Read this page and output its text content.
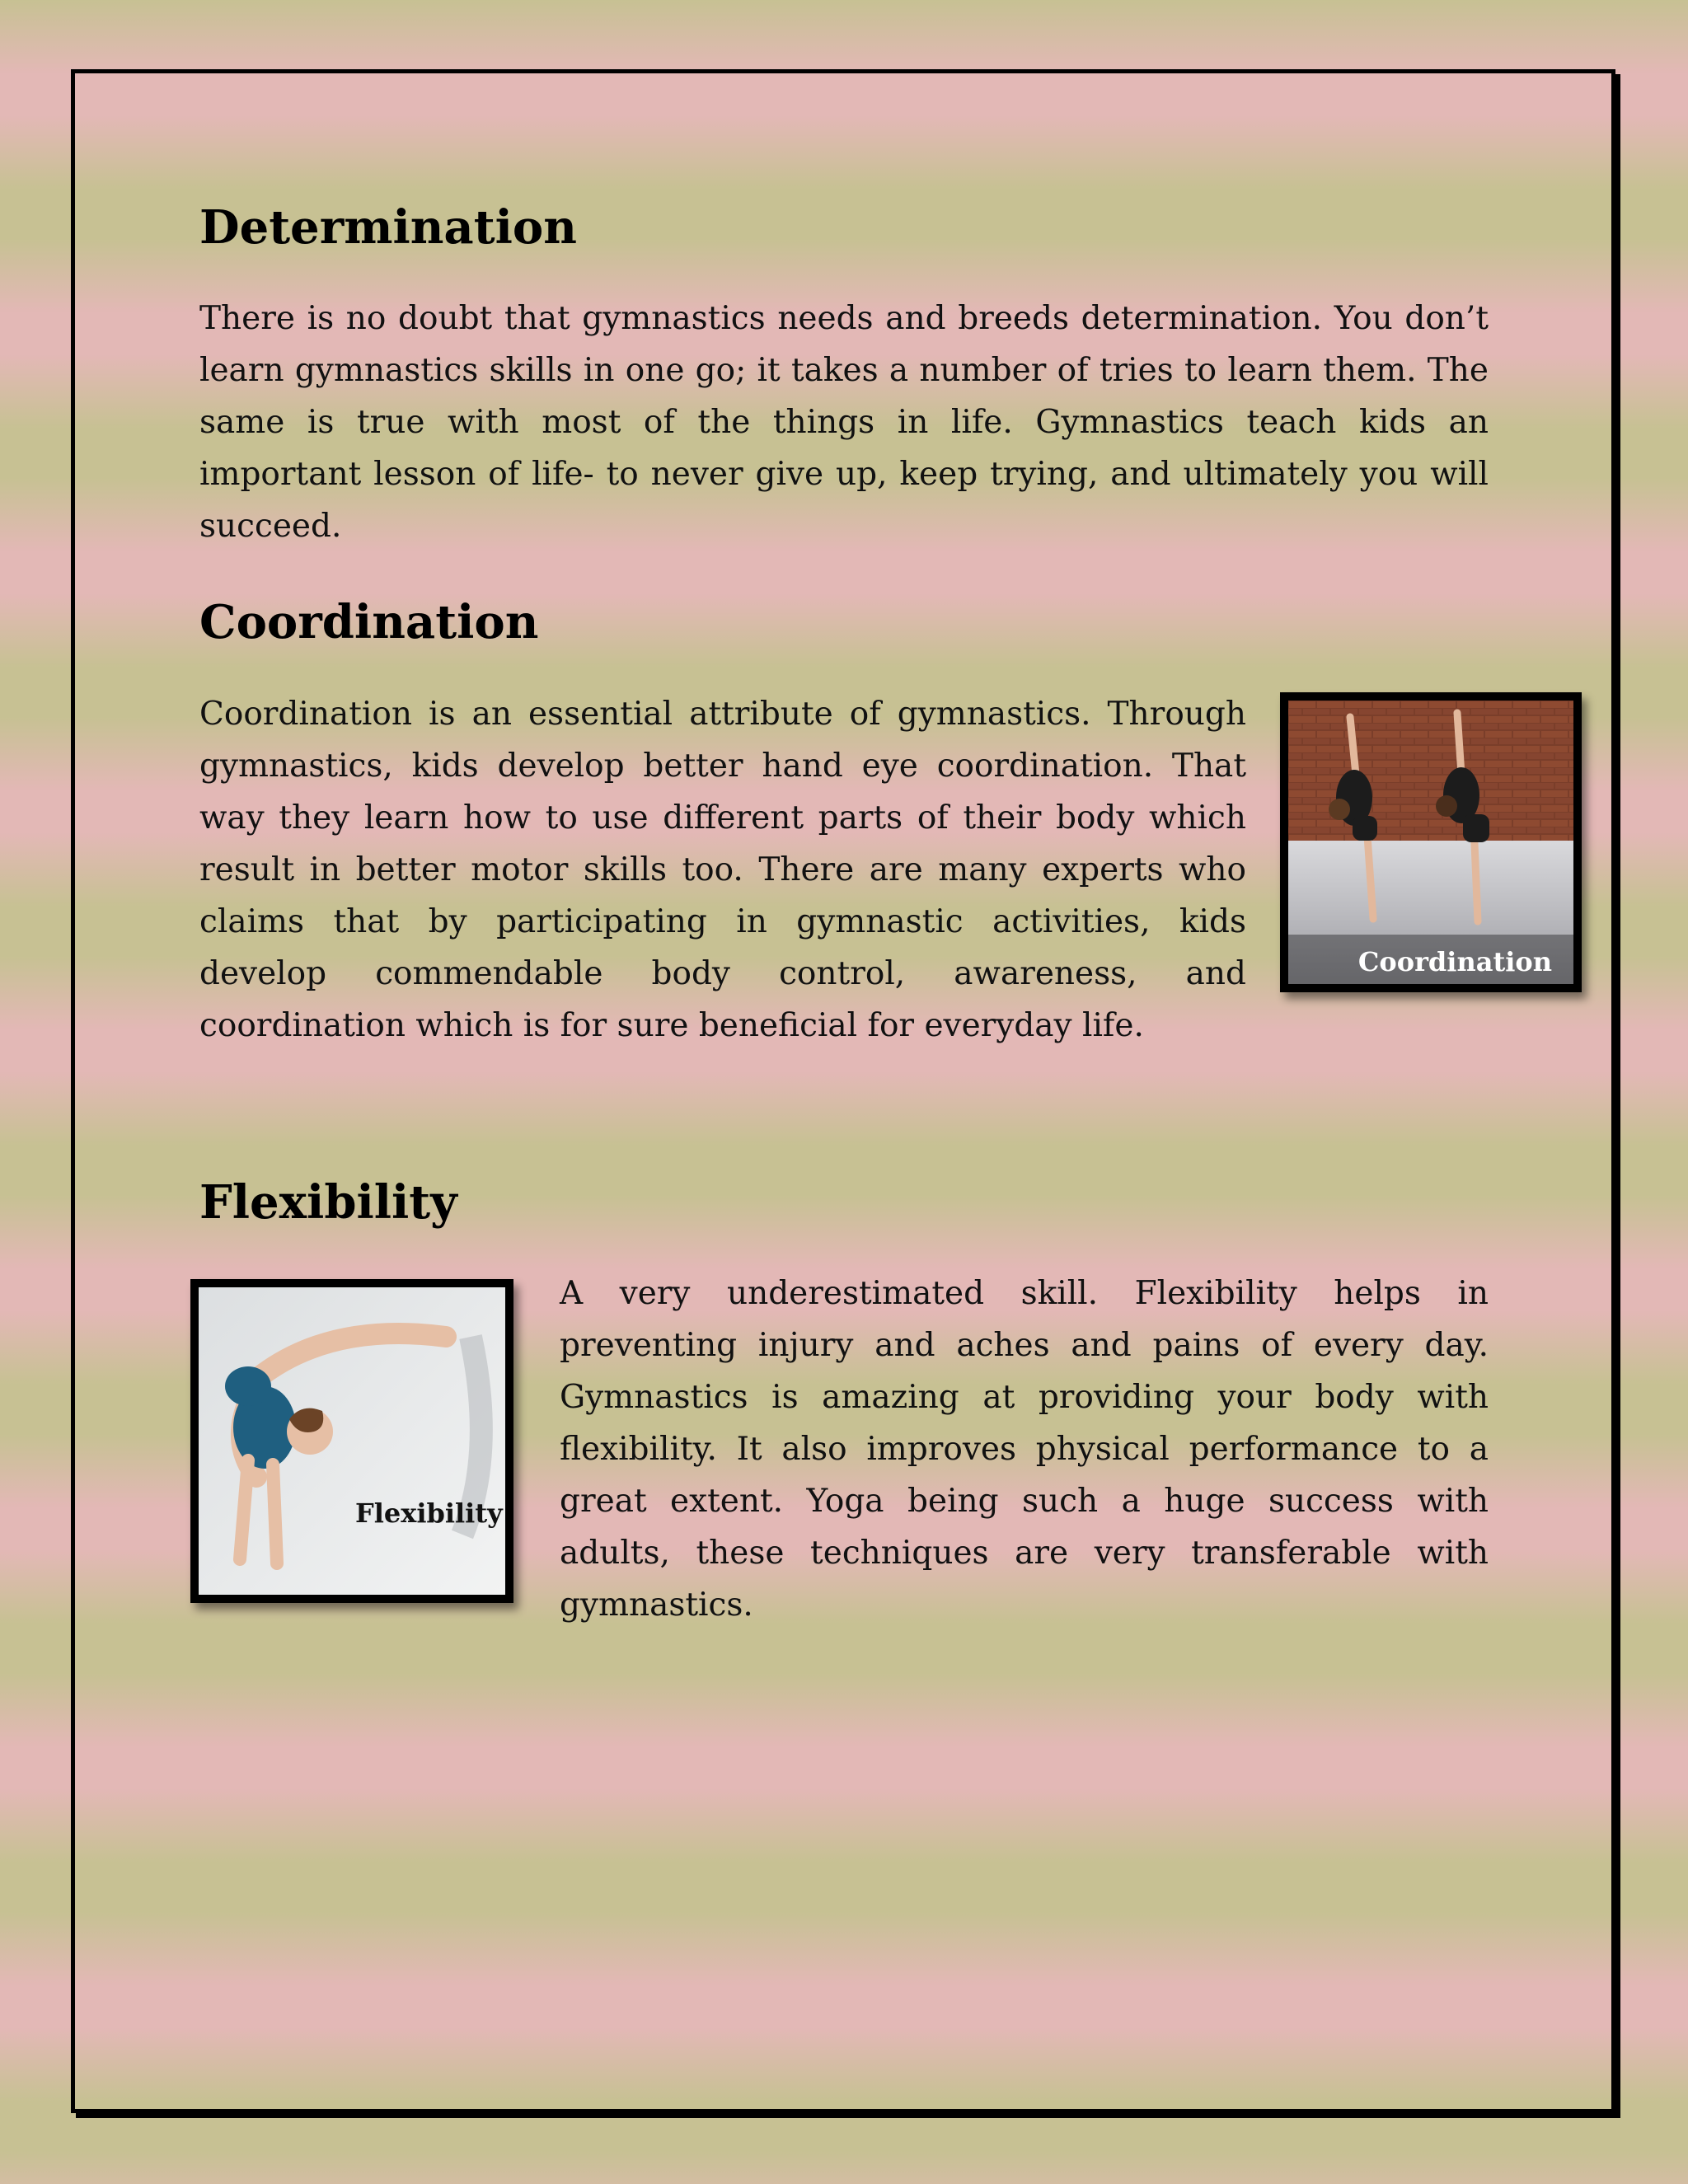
Determination

There is no doubt that gymnastics needs and breeds determination. You don’t learn gymnastics skills in one go; it takes a number of tries to learn them. The same is true with most of the things in life. Gymnastics teach kids an important lesson of life- to never give up, keep trying, and ultimately you will succeed.

Coordination

Coordination is an essential attribute of gymnastics. Through gymnastics, kids develop better hand eye coordination. That way they learn how to use different parts of their body which result in better motor skills too. There are many experts who claims that by participating in gymnastic activities, kids develop commendable body control, awareness, and coordination which is for sure beneficial for everyday life.

Coordination
Flexibility

A very underestimated skill. Flexibility helps in preventing injury and aches and pains of every day. Gymnastics is amazing at providing your body with flexibility. It also improves physical performance to a great extent. Yoga being such a huge success with adults, these techniques are very transferable with gymnastics.

Flexibility
